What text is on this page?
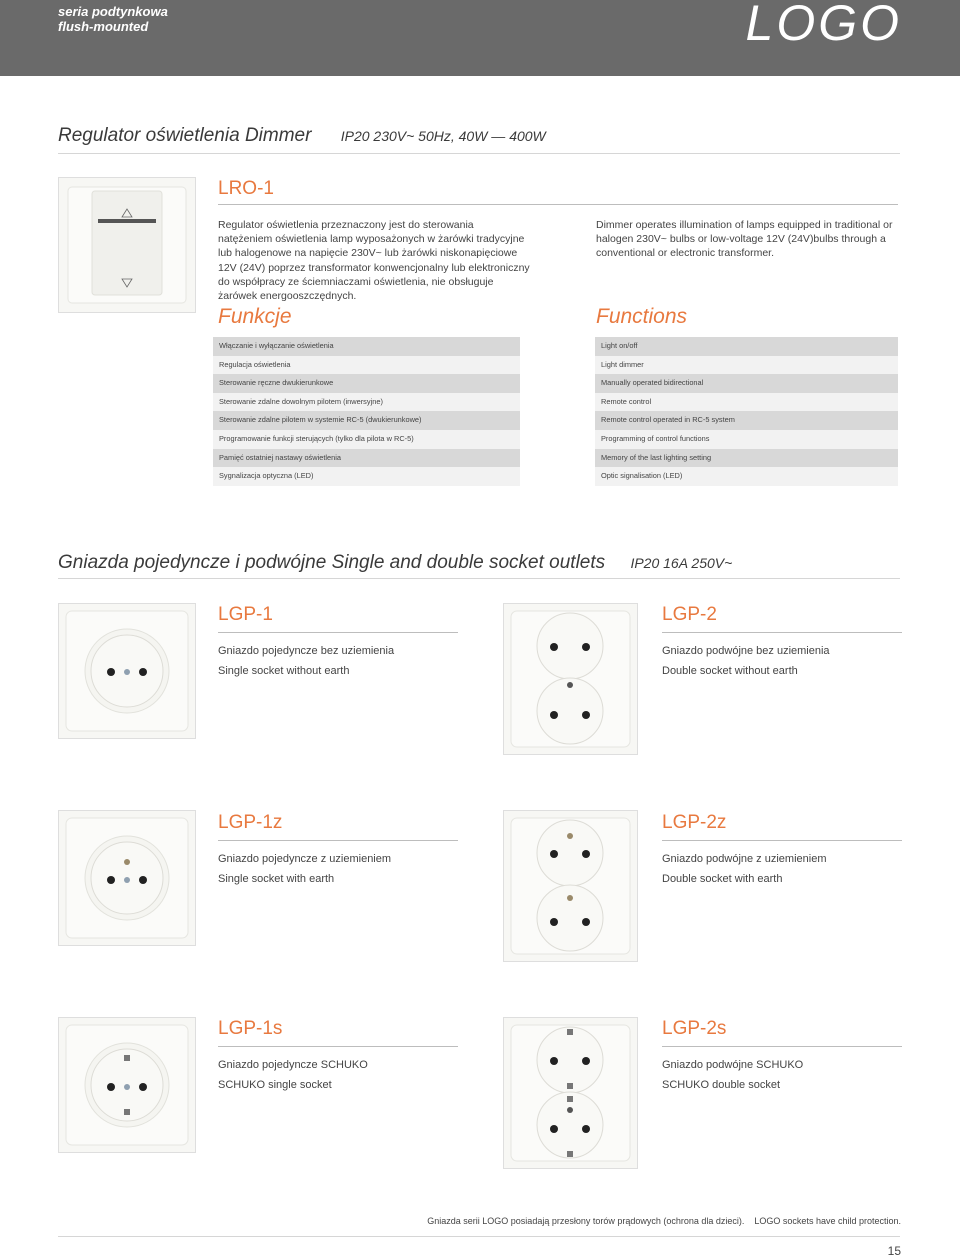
seria podtynkowa
flush-mounted	LOGO
Regulator oświetlenia Dimmer IP20 230V~ 50Hz, 40W — 400W
LRO-1
Regulator oświetlenia przeznaczony jest do sterowania natężeniem oświetlenia lamp wyposażonych w żarówki tradycyjne lub halogenowe na napięcie 230V~ lub żarówki niskonapięciowe 12V (24V) poprzez transformator konwencjonalny lub elektroniczny do współpracy ze ściemniaczami oświetlenia, nie obsługuje żarówek energooszczędnych.
Dimmer operates illumination of lamps equipped in traditional or halogen 230V~ bulbs or low-voltage 12V (24V)bulbs through a conventional or electronic transformer.
Funkcje	Functions
Włączanie i wyłączanie oświetlenia
Regulacja oświetlenia
Sterowanie ręczne dwukierunkowe
Sterowanie zdalne dowolnym pilotem (inwersyjne)
Sterowanie zdalne pilotem w systemie RC-5 (dwukierunkowe)
Programowanie funkcji sterujących (tylko dla pilota w RC-5)
Pamięć ostatniej nastawy oświetlenia
Sygnalizacja optyczna (LED)
Light on/off
Light dimmer
Manually operated bidirectional
Remote control
Remote control operated in RC-5 system
Programming of control functions
Memory of the last lighting setting
Optic signalisation (LED)
Gniazda pojedyncze i podwójne Single and double socket outlets IP20 16A 250V~
LGP-1
Gniazdo pojedyncze bez uziemienia
Single socket without earth
LGP-2
Gniazdo podwójne bez uziemienia
Double socket without earth
LGP-1z
Gniazdo pojedyncze z uziemieniem
Single socket with earth
LGP-2z
Gniazdo podwójne z uziemieniem
Double socket with earth
LGP-1s
Gniazdo pojedyncze SCHUKO
SCHUKO single socket
LGP-2s
Gniazdo podwójne SCHUKO
SCHUKO double socket
Gniazda serii LOGO posiadają przesłony torów prądowych (ochrona dla dzieci). LOGO sockets have child protection.
15
